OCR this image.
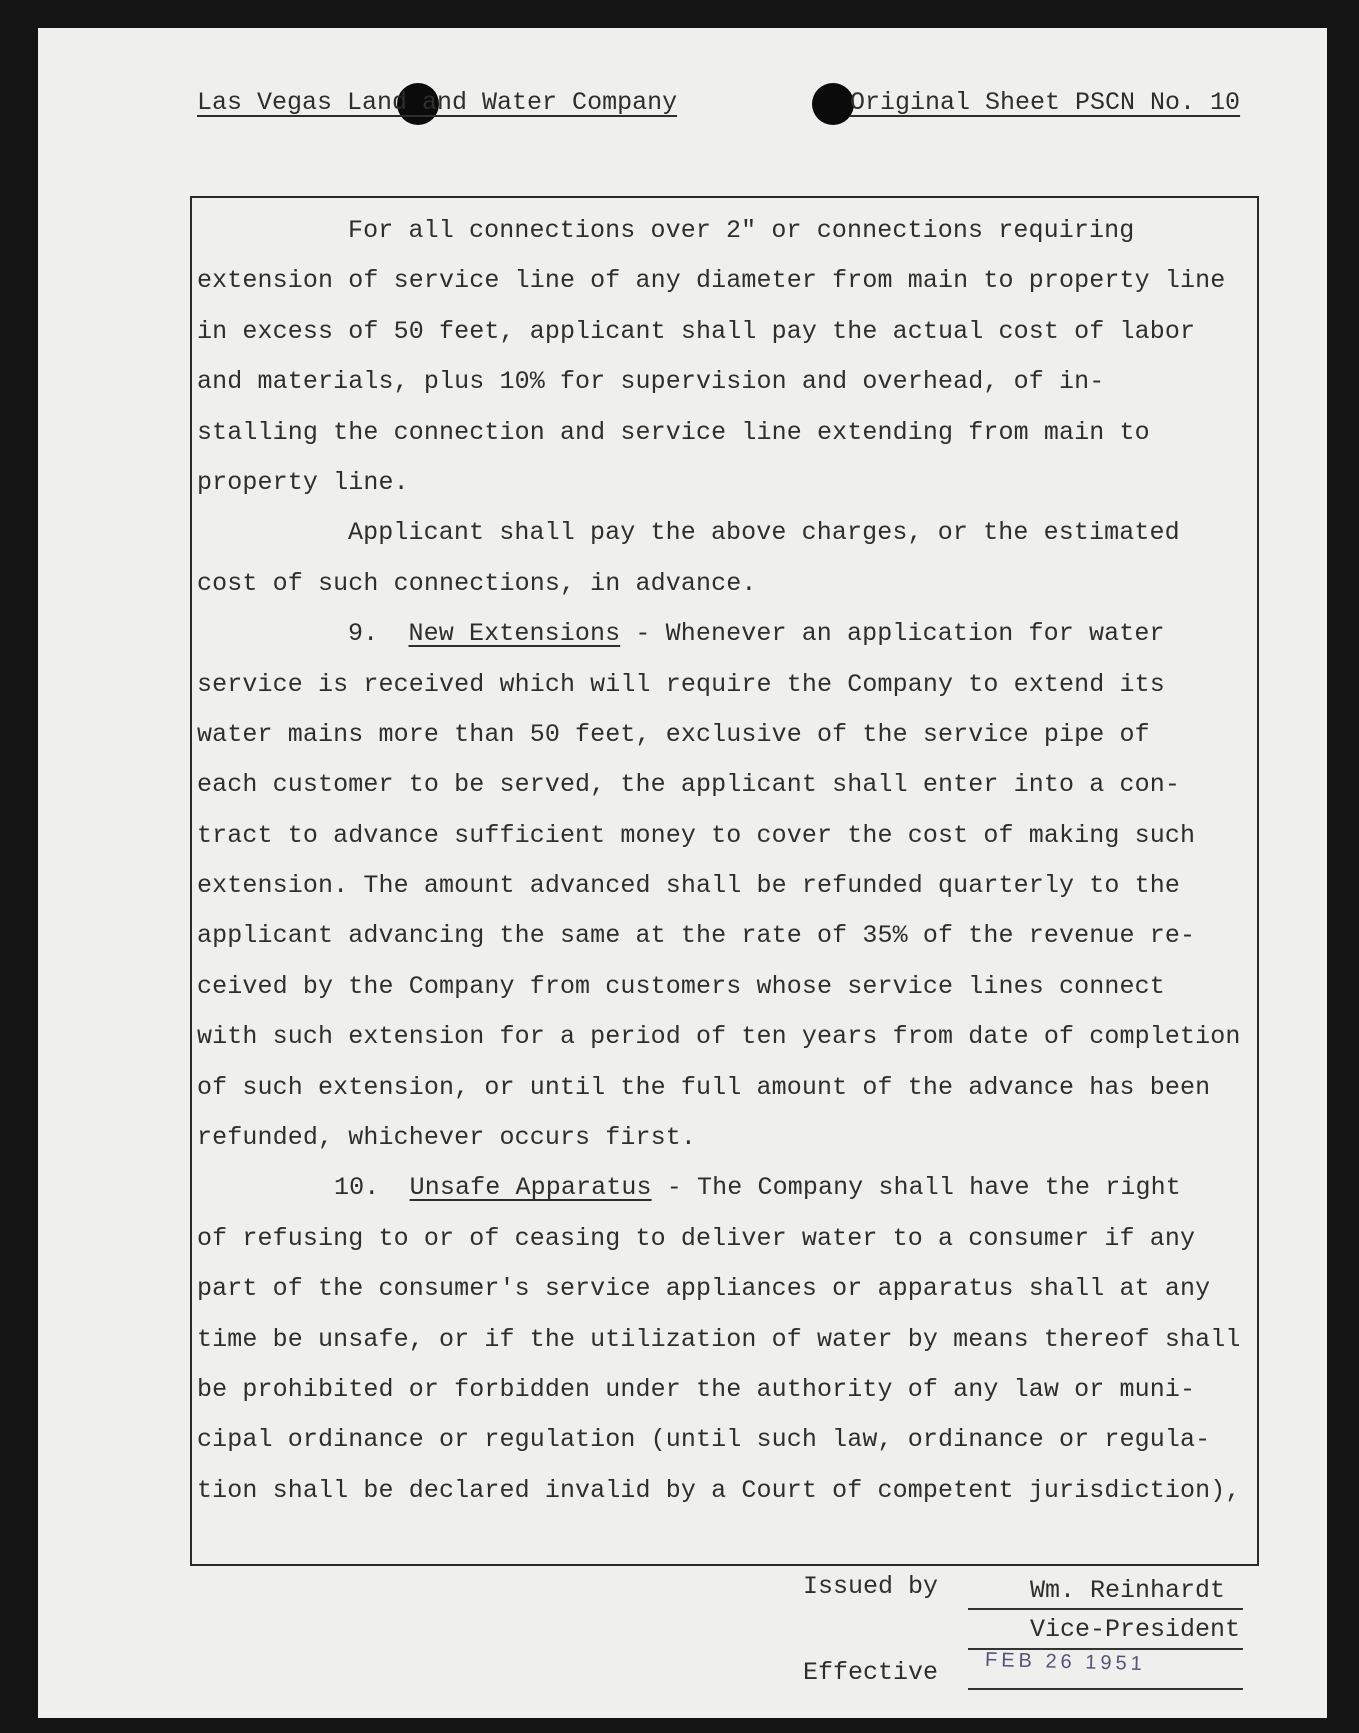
Las Vegas Land and Water Company	Original Sheet PSCN No. 10
For all connections over 2" or connections requiring
extension of service line of any diameter from main to property line
in excess of 50 feet, applicant shall pay the actual cost of labor
and materials, plus 10% for supervision and overhead, of in-
stalling the connection and service line extending from main to
property line.
Applicant shall pay the above charges, or the estimated
cost of such connections, in advance.
9. New Extensions - Whenever an application for water
service is received which will require the Company to extend its
water mains more than 50 feet, exclusive of the service pipe of
each customer to be served, the applicant shall enter into a con-
tract to advance sufficient money to cover the cost of making such
extension. The amount advanced shall be refunded quarterly to the
applicant advancing the same at the rate of 35% of the revenue re-
ceived by the Company from customers whose service lines connect
with such extension for a period of ten years from date of completion
of such extension, or until the full amount of the advance has been
refunded, whichever occurs first.
10. Unsafe Apparatus - The Company shall have the right
of refusing to or of ceasing to deliver water to a consumer if any
part of the consumer's service appliances or apparatus shall at any
time be unsafe, or if the utilization of water by means thereof shall
be prohibited or forbidden under the authority of any law or muni-
cipal ordinance or regulation (until such law, ordinance or regula-
tion shall be declared invalid by a Court of competent jurisdiction),
Issued by	Wm. Reinhardt
Vice-President
Effective FEB 26 1951
